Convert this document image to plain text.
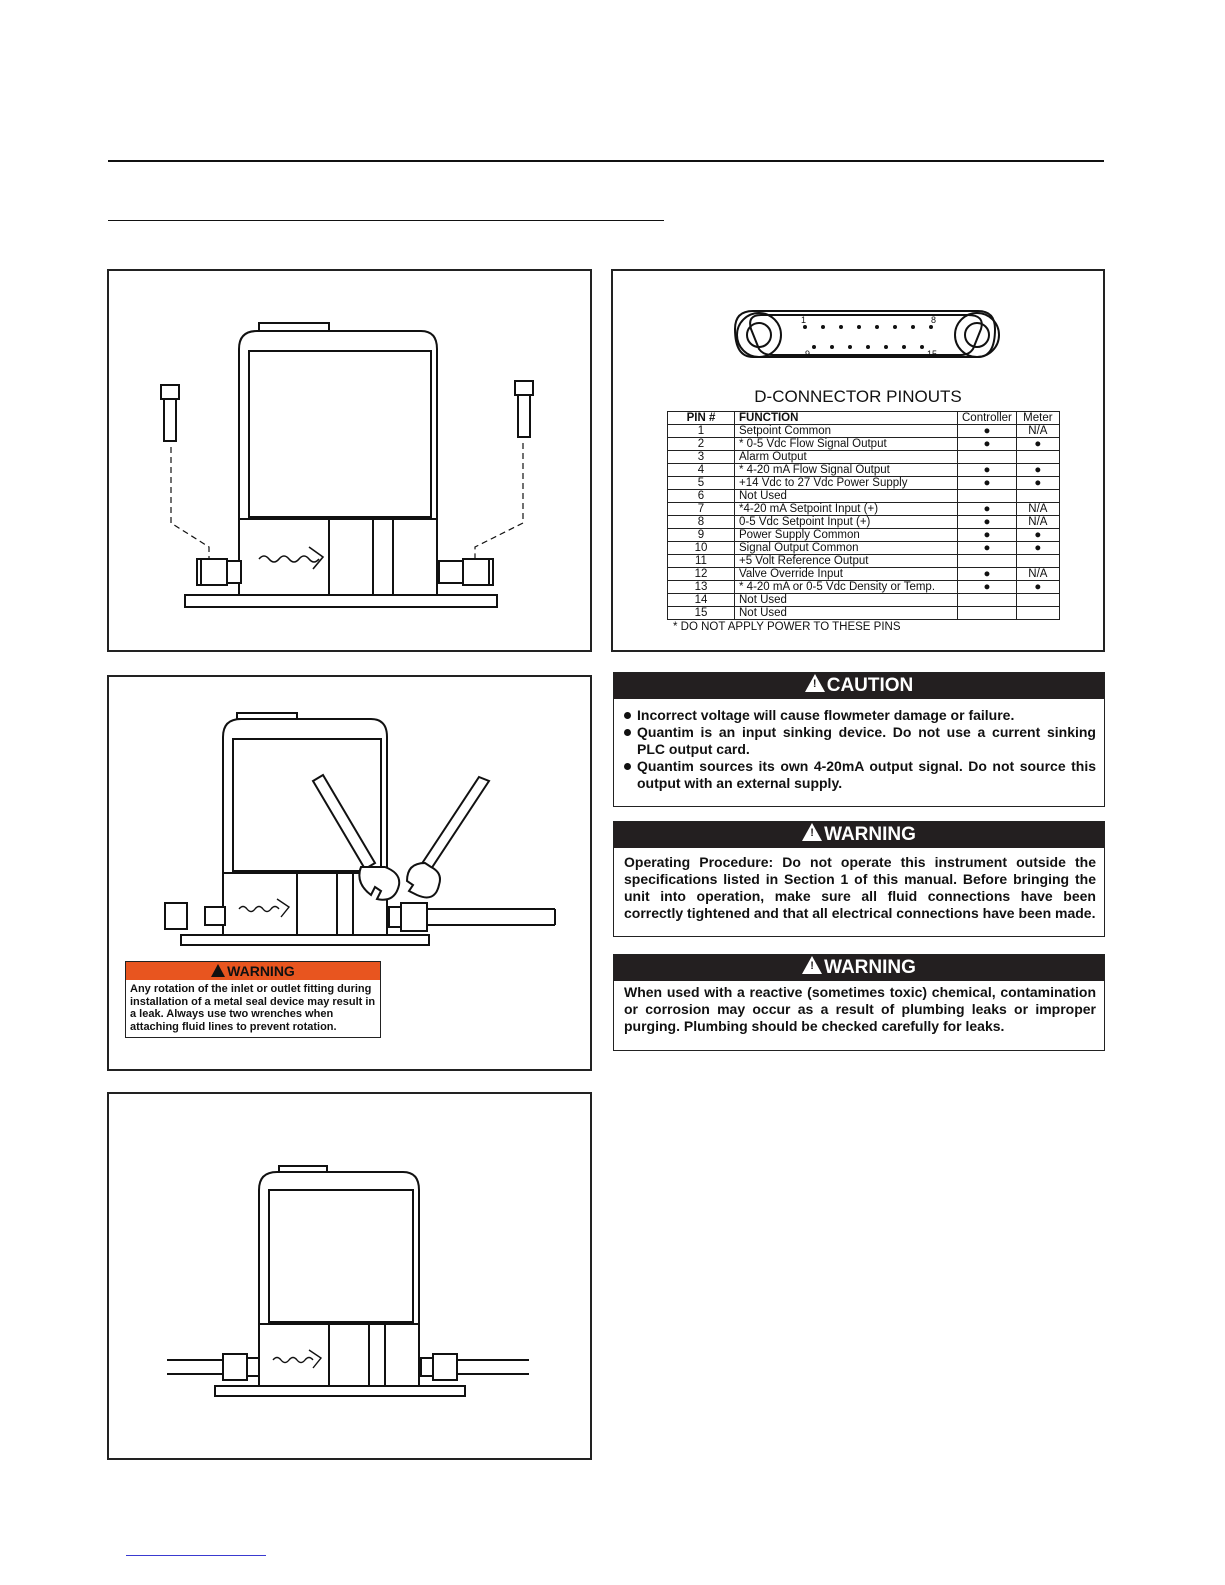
1	8
9	15
D-CONNECTOR PINOUTS
PIN #	FUNCTION	Controller	Meter
1	Setpoint Common	●	N/A
2	* 0-5 Vdc Flow Signal Output	●	●
3	Alarm Output		
4	* 4-20 mA Flow Signal Output	●	●
5	+14 Vdc to 27 Vdc Power Supply	●	●
6	Not Used		
7	*4-20 mA Setpoint Input (+)	●	N/A
8	0-5 Vdc Setpoint Input (+)	●	N/A
9	Power Supply Common	●	●
10	Signal Output Common	●	●
11	+5 Volt Reference Output		
12	Valve Override Input	●	N/A
13	* 4-20 mA or 0-5 Vdc Density or Temp.	●	●
14	Not Used		
15	Not Used		
* DO NOT APPLY POWER TO THESE PINS
WARNING
Any rotation of the inlet or outlet fitting during installation of a metal seal device may result in a leak. Always use two wrenches when attaching fluid lines to prevent rotation.
! CAUTION
Incorrect voltage will cause flowmeter damage or failure.
Quantim is an input sinking device. Do not use a current sinking PLC output card.
Quantim sources its own 4-20mA output signal. Do not source this output with an external supply.
! WARNING
Operating Procedure: Do not operate this instrument outside the specifications listed in Section 1 of this manual. Before bringing the unit into operation, make sure all fluid connections have been correctly tightened and that all electrical connections have been made.
! WARNING
When used with a reactive (sometimes toxic) chemical, contamination or corrosion may occur as a result of plumbing leaks or improper purging. Plumbing should be checked carefully for leaks.
